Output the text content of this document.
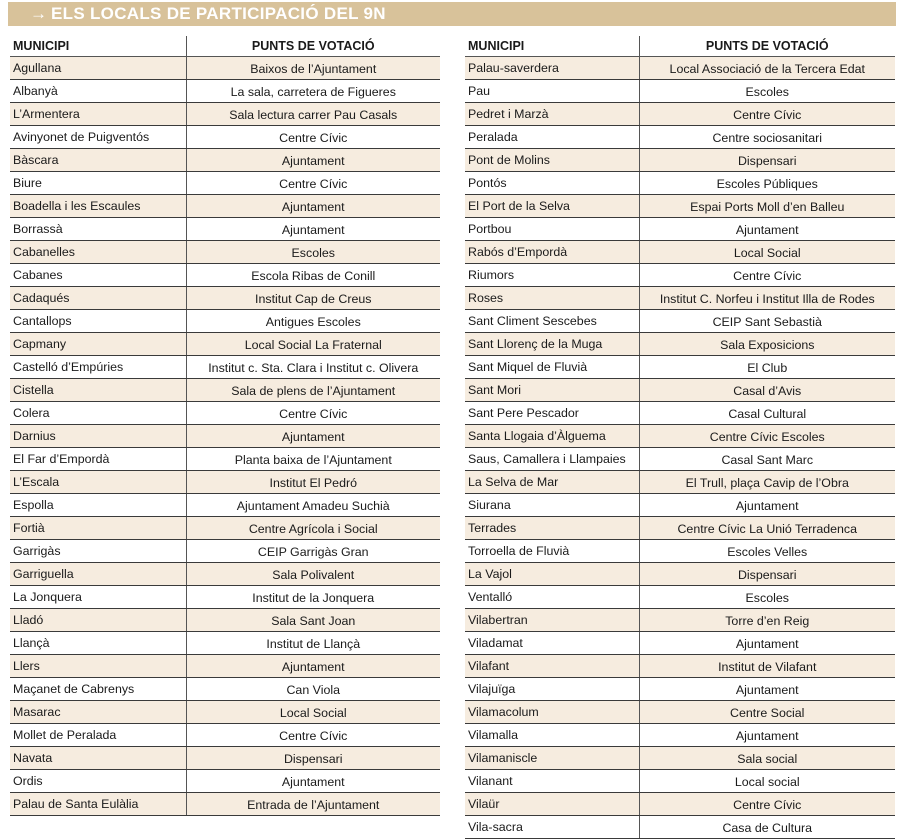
→ ELS LOCALS DE PARTICIPACIÓ DEL 9N
MUNICIPI	PUNTS DE VOTACIÓ
Agullana	Baixos de l’Ajuntament
Albanyà	La sala, carretera de Figueres
L’Armentera	Sala lectura carrer Pau Casals
Avinyonet de Puigventós	Centre Cívic
Bàscara	Ajuntament
Biure	Centre Cívic
Boadella i les Escaules	Ajuntament
Borrassà	Ajuntament
Cabanelles	Escoles
Cabanes	Escola Ribas de Conill
Cadaqués	Institut Cap de Creus
Cantallops	Antigues Escoles
Capmany	Local Social La Fraternal
Castelló d’Empúries	Institut c. Sta. Clara i Institut c. Olivera
Cistella	Sala de plens de l’Ajuntament
Colera	Centre Cívic
Darnius	Ajuntament
El Far d’Empordà	Planta baixa de l’Ajuntament
L’Escala	Institut El Pedró
Espolla	Ajuntament Amadeu Suchià
Fortià	Centre Agrícola i Social
Garrigàs	CEIP Garrigàs Gran
Garriguella	Sala Polivalent
La Jonquera	Institut de la Jonquera
Lladó	Sala Sant Joan
Llançà	Institut de Llançà
Llers	Ajuntament
Maçanet de Cabrenys	Can Viola
Masarac	Local Social
Mollet de Peralada	Centre Cívic
Navata	Dispensari
Ordis	Ajuntament
Palau de Santa Eulàlia	Entrada de l’Ajuntament
MUNICIPI	PUNTS DE VOTACIÓ
Palau-saverdera	Local Associació de la Tercera Edat
Pau	Escoles
Pedret i Marzà	Centre Cívic
Peralada	Centre sociosanitari
Pont de Molins	Dispensari
Pontós	Escoles Públiques
El Port de la Selva	Espai Ports Moll d’en Balleu
Portbou	Ajuntament
Rabós d’Empordà	Local Social
Riumors	Centre Cívic
Roses	Institut C. Norfeu i Institut Illa de Rodes
Sant Climent Sescebes	CEIP Sant Sebastià
Sant Llorenç de la Muga	Sala Exposicions
Sant Miquel de Fluvià	El Club
Sant Mori	Casal d’Avis
Sant Pere Pescador	Casal Cultural
Santa Llogaia d’Àlguema	Centre Cívic Escoles
Saus, Camallera i Llampaies	Casal Sant Marc
La Selva de Mar	El Trull, plaça Cavip de l’Obra
Siurana	Ajuntament
Terrades	Centre Cívic La Unió Terradenca
Torroella de Fluvià	Escoles Velles
La Vajol	Dispensari
Ventalló	Escoles
Vilabertran	Torre d’en Reig
Viladamat	Ajuntament
Vilafant	Institut de Vilafant
Vilajuïga	Ajuntament
Vilamacolum	Centre Social
Vilamalla	Ajuntament
Vilamaniscle	Sala social
Vilanant	Local social
Vilaür	Centre Cívic
Vila-sacra	Casa de Cultura
